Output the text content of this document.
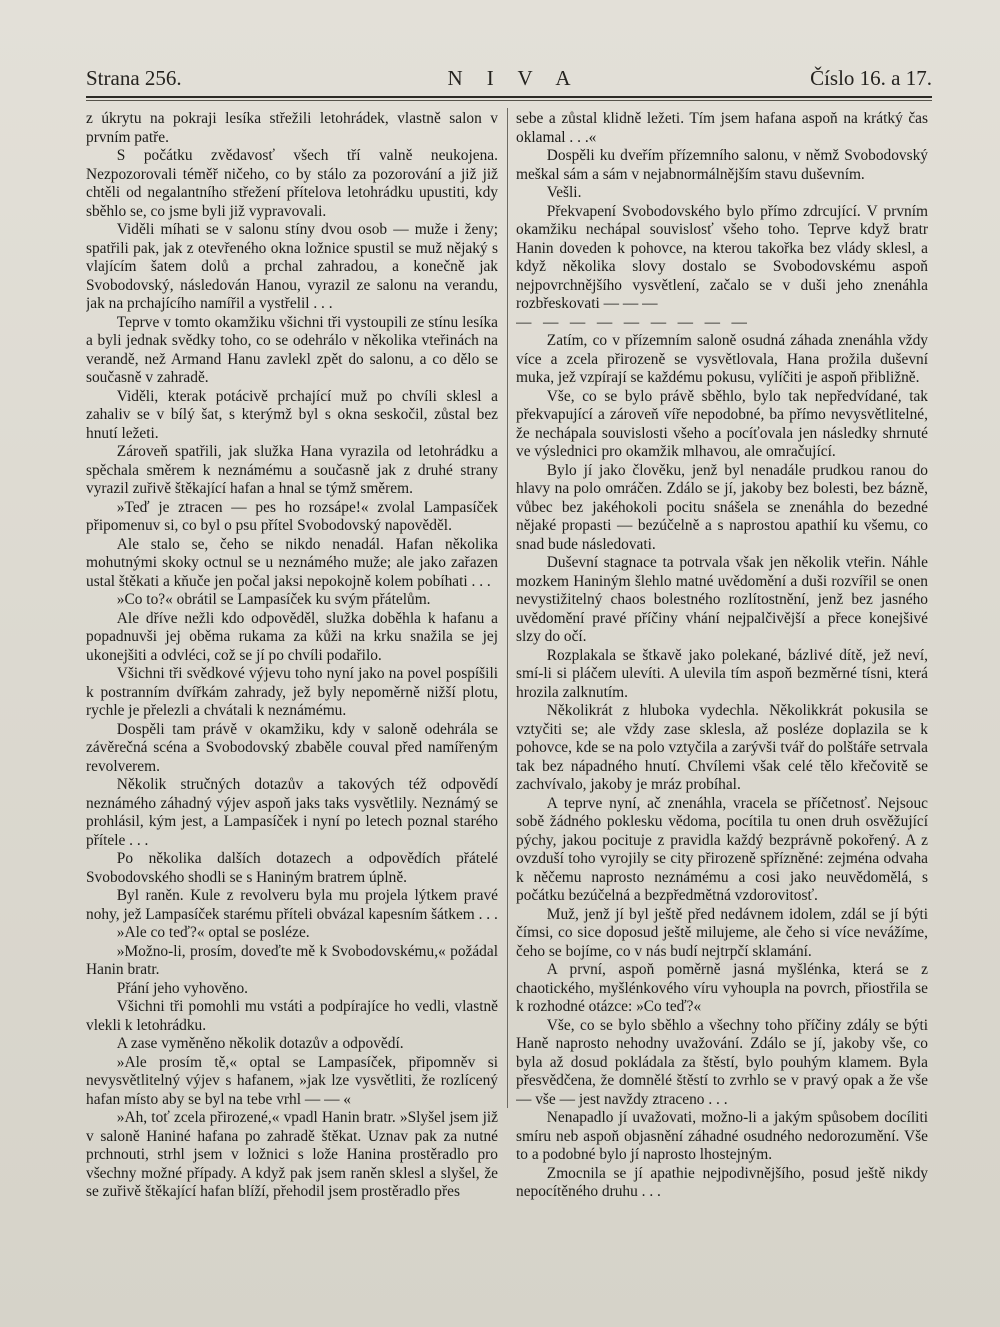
Strana 256.	N I V A	Číslo 16. a 17.

z úkrytu na pokraji lesíka střežili letohrádek, vlastně salon v prvním patře.

S počátku zvědavosť všech tří valně neukojena. Nezpozorovali téměř ničeho, co by stálo za pozorování a již již chtěli od negalantního střežení přítelova letohrádku upustiti, kdy sběhlo se, co jsme byli již vypravovali.

Viděli míhati se v salonu stíny dvou osob — muže i ženy; spatřili pak, jak z otevřeného okna ložnice spustil se muž nějaký s vlajícím šatem dolů a prchal zahradou, a konečně jak Svobodovský, následován Hanou, vyrazil ze salonu na verandu, jak na prchajícího namířil a vystřelil . . .

Teprve v tomto okamžiku všichni tři vystoupili ze stínu lesíka a byli jednak svědky toho, co se odehrálo v několika vteřinách na verandě, než Armand Hanu zavlekl zpět do salonu, a co dělo se současně v zahradě.

Viděli, kterak potácivě prchající muž po chvíli sklesl a zahaliv se v bílý šat, s kterýmž byl s okna seskočil, zůstal bez hnutí ležeti.

Zároveň spatřili, jak služka Hana vyrazila od letohrádku a spěchala směrem k neznámému a současně jak z druhé strany vyrazil zuřivě štěkající hafan a hnal se týmž směrem.

»Teď je ztracen — pes ho rozsápe!« zvolal Lampasíček připomenuv si, co byl o psu přítel Svobodovský napověděl.

Ale stalo se, čeho se nikdo nenadál. Hafan několika mohutnými skoky octnul se u neznámého muže; ale jako zařazen ustal štěkati a kňuče jen počal jaksi nepokojně kolem pobíhati . . .

»Co to?« obrátil se Lampasíček ku svým přátelům.

Ale dříve nežli kdo odpověděl, služka doběhla k hafanu a popadnuvši jej oběma rukama za kůži na krku snažila se jej ukonejšiti a odvléci, což se jí po chvíli podařilo.

Všichni tři svědkové výjevu toho nyní jako na povel pospíšili k postranním dvířkám zahrady, jež byly nepoměrně nižší plotu, rychle je přelezli a chvátali k neznámému.

Dospěli tam právě v okamžiku, kdy v saloně odehrála se závěrečná scéna a Svobodovský zbaběle couval před namířeným revolverem.

Několik stručných dotazův a takových též odpovědí neznámého záhadný výjev aspoň jaks taks vysvětlily. Neznámý se prohlásil, kým jest, a Lampasíček i nyní po letech poznal starého přítele . . .

Po několika dalších dotazech a odpovědích přátelé Svobodovského shodli se s Haniným bratrem úplně.

Byl raněn. Kule z revolveru byla mu projela lýtkem pravé nohy, jež Lampasíček starému příteli obvázal kapesním šátkem . . .

»Ale co teď?« optal se posléze.

»Možno-li, prosím, doveďte mě k Svobodovskému,« požádal Hanin bratr.

Přání jeho vyhověno.

Všichni tři pomohli mu vstáti a podpírajíce ho vedli, vlastně vlekli k letohrádku.

A zase vyměněno několik dotazův a odpovědí.

»Ale prosím tě,« optal se Lampasíček, připomněv si nevysvětlitelný výjev s hafanem, »jak lze vysvětliti, že rozlícený hafan místo aby se byl na tebe vrhl — — «

»Ah, toť zcela přirozené,« vpadl Hanin bratr. »Slyšel jsem již v saloně Haniné hafana po zahradě štěkat. Uznav pak za nutné prchnouti, strhl jsem v ložnici s lože Hanina prostěradlo pro všechny možné případy. A když pak jsem raněn sklesl a slyšel, že se zuřivě štěkající hafan blíží, přehodil jsem prostěradlo přes

sebe a zůstal klidně ležeti. Tím jsem hafana aspoň na krátký čas oklamal . . .«

Dospěli ku dveřím přízemního salonu, v němž Svobodovský meškal sám a sám v nejabnormálnějším stavu duševním.

Vešli.

Překvapení Svobodovského bylo přímo zdrcující. V prvním okamžiku nechápal souvislosť všeho toho. Teprve když bratr Hanin doveden k pohovce, na kterou takořka bez vlády sklesl, a když několika slovy dostalo se Svobodovskému aspoň nejpovrchnějšího vysvětlení, začalo se v duši jeho znenáhla rozbřeskovati — — —

— — — — — — — — —

Zatím, co v přízemním saloně osudná záhada znenáhla vždy více a zcela přirozeně se vysvětlovala, Hana prožila duševní muka, jež vzpírají se každému pokusu, vylíčiti je aspoň přibližně.

Vše, co se bylo právě sběhlo, bylo tak nepředvídané, tak překvapující a zároveň víře nepodobné, ba přímo nevysvětlitelné, že nechápala souvislosti všeho a pocíťovala jen následky shrnuté ve výslednici pro okamžik mlhavou, ale omračující.

Bylo jí jako člověku, jenž byl nenadále prudkou ranou do hlavy na polo omráčen. Zdálo se jí, jakoby bez bolesti, bez bázně, vůbec bez jakéhokoli pocitu snášela se znenáhla do bezedné nějaké propasti — bezúčelně a s naprostou apathií ku všemu, co snad bude následovati.

Duševní stagnace ta potrvala však jen několik vteřin. Náhle mozkem Haniným šlehlo matné uvědomění a duši rozvířil se onen nevystižitelný chaos bolestného rozlítostnění, jenž bez jasného uvědomění pravé příčiny vhání nejpalčivější a přece konejšivé slzy do očí.

Rozplakala se štkavě jako polekané, bázlivé dítě, jež neví, smí-li si pláčem ulevíti. A ulevila tím aspoň bezměrné tísni, která hrozila zalknutím.

Několikrát z hluboka vydechla. Několikkrát pokusila se vztyčiti se; ale vždy zase sklesla, až posléze doplazila se k pohovce, kde se na polo vztyčila a zarývši tvář do polštáře setrvala tak bez nápadného hnutí. Chvílemi však celé tělo křečovitě se zachvívalo, jakoby je mráz probíhal.

A teprve nyní, ač znenáhla, vracela se příčetnosť. Nejsouc sobě žádného poklesku vědoma, pocítila tu onen druh osvěžující pýchy, jakou pocituje z pravidla každý bezprávně pokořený. A z ovzduší toho vyrojily se city přirozeně spřízněné: zejména odvaha k něčemu naprosto neznámému a cosi jako neuvědomělá, s počátku bezúčelná a bezpředmětná vzdorovitosť.

Muž, jenž jí byl ještě před nedávnem idolem, zdál se jí býti čímsi, co sice doposud ještě milujeme, ale čeho si více nevážíme, čeho se bojíme, co v nás budí nejtrpčí sklamání.

A první, aspoň poměrně jasná myšlénka, která se z chaotického, myšlénkového víru vyhoupla na povrch, přiostřila se k rozhodné otázce: »Co teď?«

Vše, co se bylo sběhlo a všechny toho příčiny zdály se býti Haně naprosto nehodny uvažování. Zdálo se jí, jakoby vše, co byla až dosud pokládala za štěstí, bylo pouhým klamem. Byla přesvědčena, že domnělé štěstí to zvrhlo se v pravý opak a že vše — vše — jest navždy ztraceno . . .

Nenapadlo jí uvažovati, možno-li a jakým spůsobem docíliti smíru neb aspoň objasnění záhadné osudného nedorozumění. Vše to a podobné bylo jí naprosto lhostejným.

Zmocnila se jí apathie nejpodivnějšího, posud ještě nikdy nepocítěného druhu . . .
